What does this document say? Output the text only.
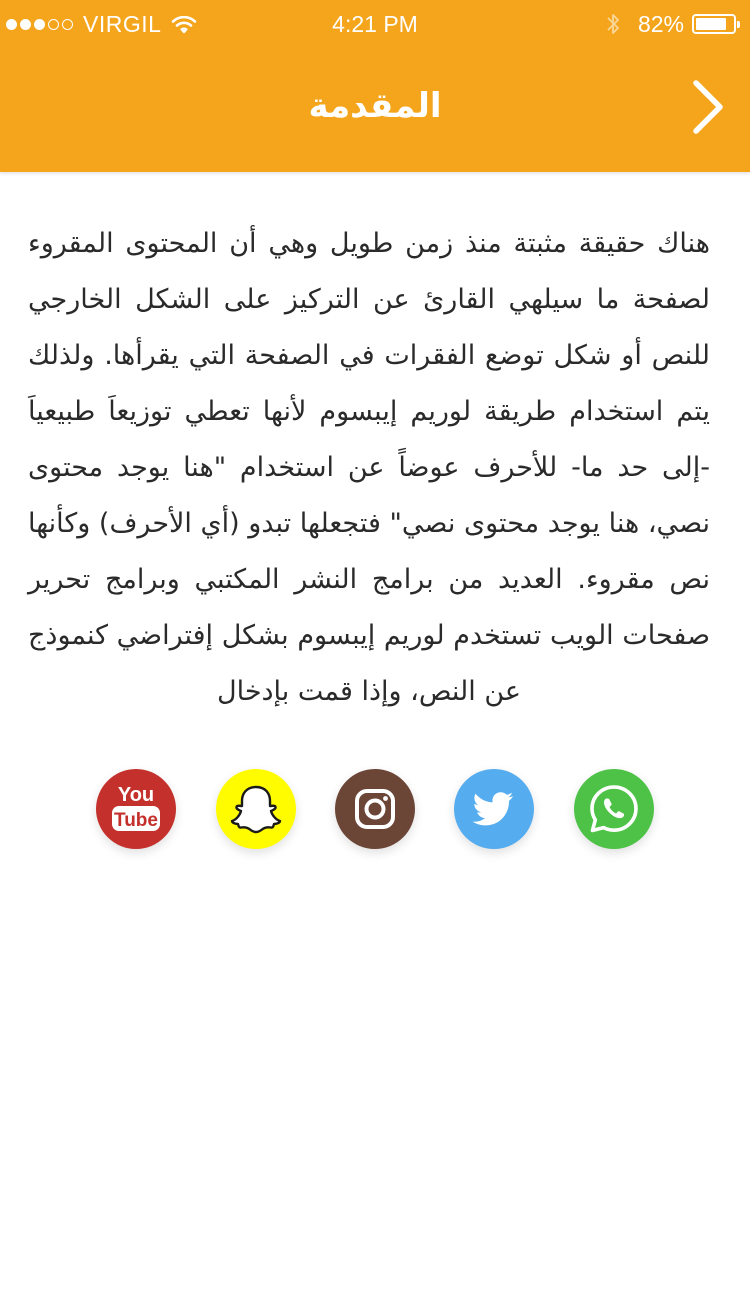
VIRGIL	4:21 PM	82%
المقدمة
هناك حقيقة مثبتة منذ زمن طويل وهي أن المحتوى المقروء لصفحة ما سيلهي القارئ عن التركيز على الشكل الخارجي للنص أو شكل توضع الفقرات في الصفحة التي يقرأها. ولذلك يتم استخدام طريقة لوريم إيبسوم لأنها تعطي توزيعاَ طبيعياَ -إلى حد ما- للأحرف عوضاً عن استخدام "هنا يوجد محتوى نصي، هنا يوجد محتوى نصي" فتجعلها تبدو (أي الأحرف) وكأنها نص مقروء. العديد من برامج النشر المكتبي وبرامج تحرير صفحات الويب تستخدم لوريم إيبسوم بشكل إفتراضي كنموذج عن النص، وإذا قمت بإدخال
You
Tube
